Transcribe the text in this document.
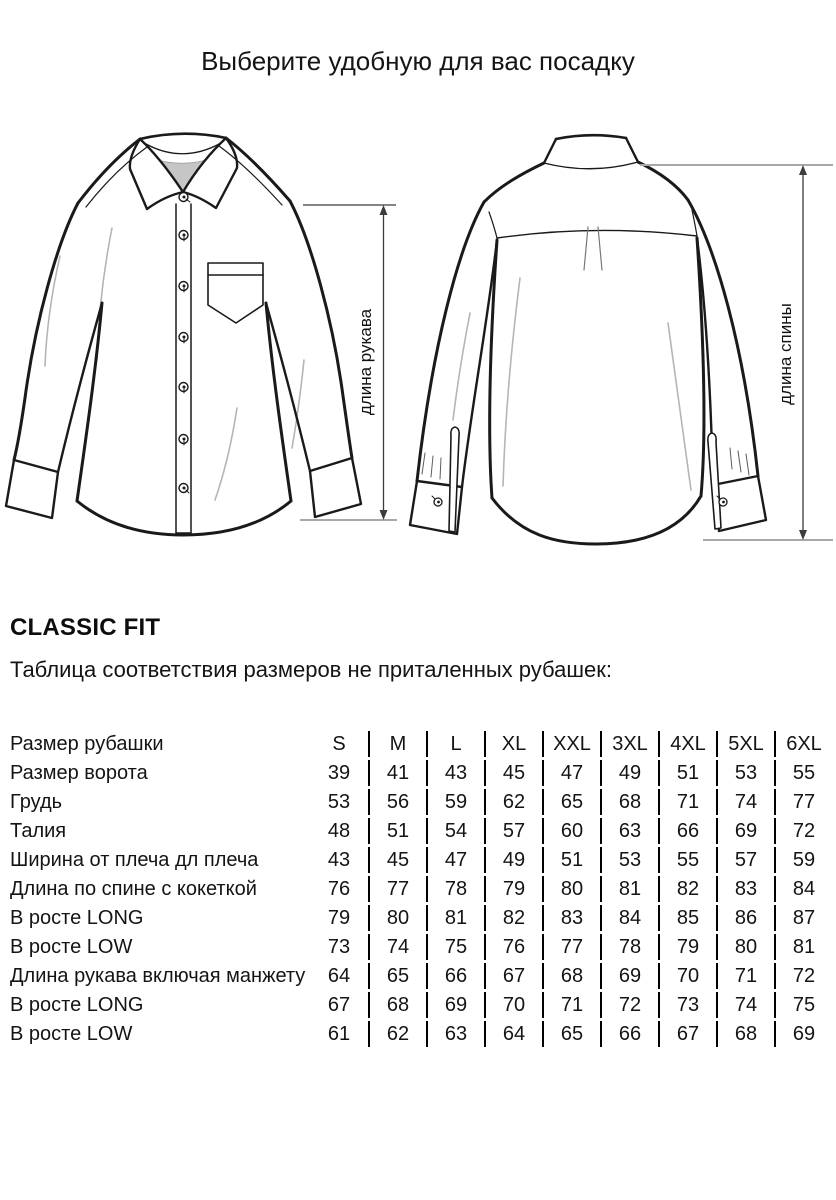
Выберите удобную для вас посадку
длина рукава	длина спины
CLASSIC FIT

Таблица соответствия размеров не приталенных рубашек:

Размер рубашки	S	M	L	XL	XXL	3XL	4XL	5XL	6XL
Размер ворота	39	41	43	45	47	49	51	53	55
Грудь	53	56	59	62	65	68	71	74	77
Талия	48	51	54	57	60	63	66	69	72
Ширина от плеча дл плеча	43	45	47	49	51	53	55	57	59
Длина по спине с кокеткой	76	77	78	79	80	81	82	83	84
В росте LONG	79	80	81	82	83	84	85	86	87
В росте LOW	73	74	75	76	77	78	79	80	81
Длина рукава включая манжету	64	65	66	67	68	69	70	71	72
В росте LONG	67	68	69	70	71	72	73	74	75
В росте LOW	61	62	63	64	65	66	67	68	69
